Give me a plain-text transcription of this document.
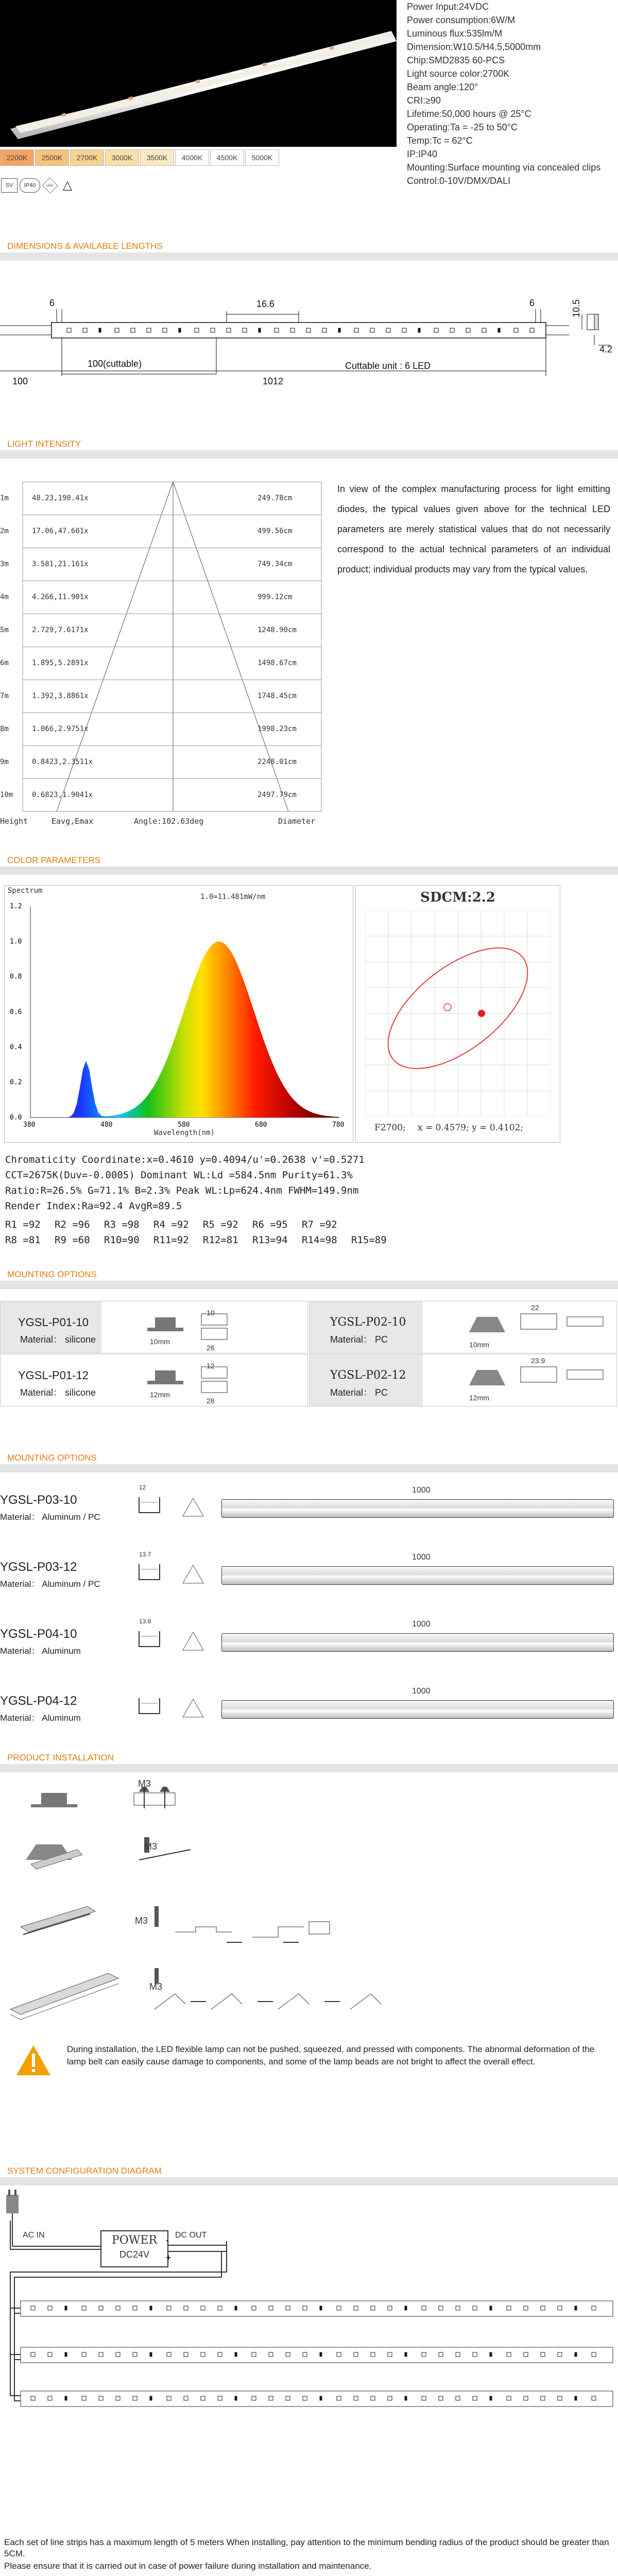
Power Input:24VDC
Power consumption:6W/M
Luminous flux:535lm/M
Dimension:W10.5/H4.5,5000mm
Chip:SMD2835 60-PCS
Light source color:2700K
Beam angle:120°
CRI:≥90
Lifetime:50,000 hours @ 25°C
Operating:Ta = -25 to 50°C
Temp:Tc = 62°C
IP:IP40
Mounting:Surface mounting via concealed clips
Control:0-10V/DMX/DALI
2200K	2500K	2700K	3000K	3500K	4000K	4500K	5000K
SV IP40 LED △
DIMENSIONS & AVAILABLE LENGTHS
6	6
16.6	10.5
4.2
100(cuttable)
100	1012
Cuttable unit : 6 LED
LIGHT INTENSITY
1m	48.23,190.41x	249.78cm
2m	17.06,47.601x	499.56cm
3m	3.581,21.161x	749.34cm
4m	4.266,11.901x	999.12cm
5m	2.729,7.6171x	1248.90cm
6m	1.895,5.2891x	1498.67cm
7m	1.392,3.8861x	1748.45cm
8m	1.066,2.9751x	1998.23cm
9m	0.8423,2.3511x	2248.01cm
10m	0.6823,1.9041x	2497.79cm
Height	Eavg,Emax	Angle:102.63deg	Diameter
In view of the complex manufacturing process for light emitting diodes, the typical values given above for the technical LED parameters are merely statistical values that do not necessarily correspond to the actual technical parameters of an individual product; individual products may vary from the typical values.
COLOR PARAMETERS
Spectrum
1.0=11.481mW/nm
1.2
1.0
0.8
0.6
0.4
0.2
0.0
380	480	580	680	780
Wavelength(nm)
SDCM:2.2
F2700; x = 0.4579; y = 0.4102;
Chromaticity Coordinate:x=0.4610 y=0.4094/u'=0.2638 v'=0.5271
CCT=2675K(Duv=-0.0005) Dominant WL:Ld =584.5nm Purity=61.3%
Ratio:R=26.5% G=71.1% B=2.3% Peak WL:Lp=624.4nm FWHM=149.9nm
Render Index:Ra=92.4 AvgR=89.5
R1 =92 R2 =96 R3 =98 R4 =92 R5 =92 R6 =95 R7 =92
R8 =81 R9 =60 R10=90 R11=92 R12=81 R13=94 R14=98 R15=89
MOUNTING OPTIONS
YGSL-P01-10
Material： silicone	10mm
10
26
YGSL-P02-10
Material： PC	10mm
22
YGSL-P01-12
Material： silicone	12mm
12
28
YGSL-P02-12
Material： PC	12mm
23.9
MOUNTING OPTIONS
YGSL-P03-10
Material： Aluminum / PC
1000
12
YGSL-P03-12
Material： Aluminum / PC
1000
13.7
YGSL-P04-10
Material： Aluminum
1000
13.8
YGSL-P04-12
Material： Aluminum
1000
PRODUCT INSTALLATION
M3
M3
M3
M3
During installation, the LED flexible lamp can not be pushed, squeezed, and pressed with components. The abnormal deformation of the lamp belt can easily cause damage to components, and some of the lamp beads are not bright to affect the overall effect.
SYSTEM CONFIGURATION DIAGRAM
-
+
AC IN	DC OUT
POWER
DC24V
Each set of line strips has a maximum length of 5 meters When installing, pay attention to the minimum bending radius of the product should be greater than 5CM.
Please ensure that it is carried out in case of power failure during installation and maintenance.
